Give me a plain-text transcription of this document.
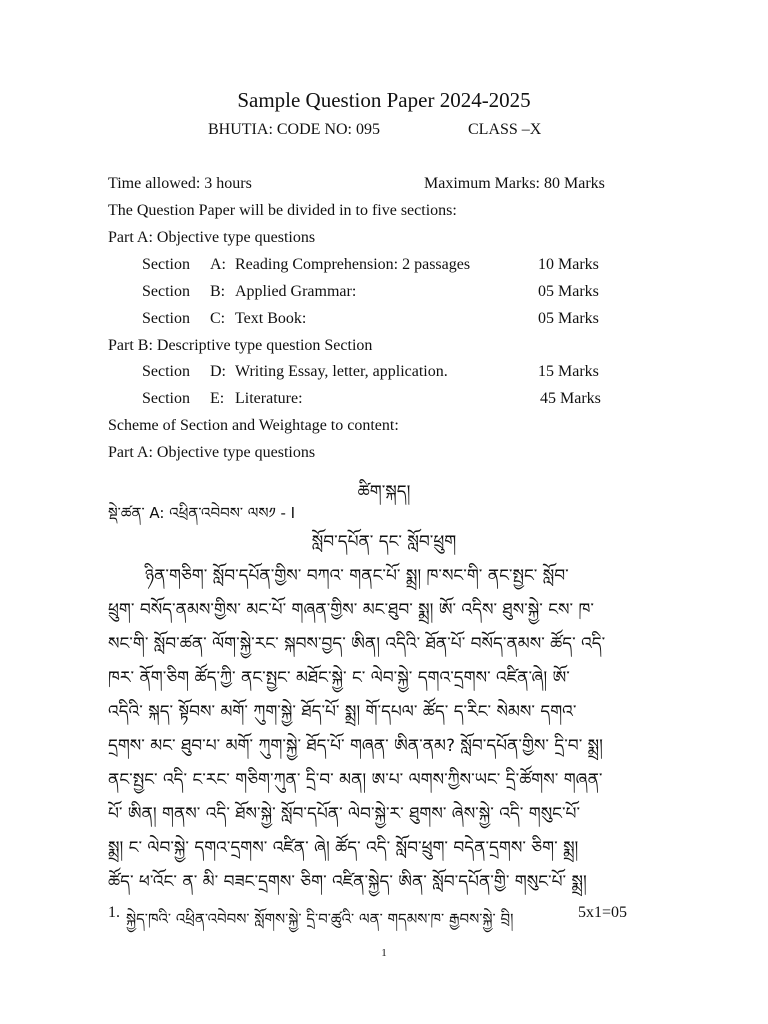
Sample Question Paper 2024-2025
BHUTIA: CODE NO: 095	CLASS –X
Time allowed: 3 hours	Maximum Marks: 80 Marks
The Question Paper will be divided in to five sections:
Part A: Objective type questions
Section A: Reading Comprehension: 2 passages	10 Marks
Section B: Applied Grammar:	05 Marks
Section C: Text Book:	05 Marks
Part B: Descriptive type question Section
Section D: Writing Essay, letter, application.	15 Marks
Section E: Literature:	45 Marks
Scheme of Section and Weightage to content:
Part A: Objective type questions
ཚིག་སྐད།
སྡེ་ཚན་ A: འཕྲིན་འབེབས་ ལས༡ - I
སློབ་དཔོན་ དང་ སློབ་ཕྲུག
ཉིན་གཅིག་ སློབ་དཔོན་གྱིས་ བཀའ་ གནང་པོ་ སྨྲ། ཁ་སང་གི་ ནང་སྤྱང་ སློབ་
ཕྲུག་ བསོད་ནམས་གྱིས་ མང་པོ་ གཞན་གྱིས་ མང་ཐུབ་ སྨྲ། ཨོ་ འདིས་ ཐུས་སྐྱེ་ ངས་ ཁ་
སང་གི་ སློབ་ཚན་ ལོག་སྐྱེ་རང་ སྐབས་བྱད་ ཨིན། འདིའི་ ཐོན་པོ་ བསོད་ནམས་ ཚོད་ འདི་
ཁར་ ནོག་ཅིག ཚོད་ཀྱི་ ནང་སྤྱང་ མཐོང་སྐྱེ་ ང་ ལེབ་སྐྱེ་ དགའ་དྲགས་ འཛིན་ཞེ། ཨོ་
འདིའི་ སྐད་ སྟོབས་ མགོ་ ཀུག་སྐྱེ་ ཐོད་པོ་ སྨྲ། གོ་དཔལ་ ཚོད་ ད་རིང་ སེམས་ དགའ་
དྲགས་ མང་ ཐུབ་པ་ མགོ་ ཀུག་སྐྱེ་ ཐོད་པོ་ གཞན་ ཨིན་ནམ? སློབ་དཔོན་གྱིས་ དྲི་བ་ སྨྲ།
ནང་སྤྱང་ འདི་ ང་རང་ གཅིག་ཀུན་ དྲི་བ་ མན། ཨ་པ་ ལགས་ཀྱིས་ཡང་ དྲི་ཚོགས་ གཞན་
པོ་ ཨིན། གནས་ འདི་ ཐོས་སྐྱེ་ སློབ་དཔོན་ ལེབ་སྐྱེ་ར་ ཐུགས་ ཞེས་སྐྱེ་ འདི་ གསུང་པོ་
སྨྲ། ང་ ལེབ་སྐྱེ་ དགའ་དྲགས་ འཛིན་ ཞེ། ཚོད་ འདི་ སློབ་ཕྲུག་ བདེན་དྲགས་ ཅིག་ སྨྲ།
ཚོད་ ཕ་འོང་ ན་ མི་ བཟང་དྲགས་ ཅིག་ འཛིན་སྐྱེད་ ཨིན་ སློབ་དཔོན་གྱི་ གསུང་པོ་ སྨྲ།
1. སྐྱེད་ཁའི་ འཕྲིན་འབེབས་ སློགས་སྐྱེ་ དྲི་བ་ཚུའི་ ལན་ གདམས་ཁ་ རྒྱབས་སྐྱེ་ བྲི།	5x1=05
1
